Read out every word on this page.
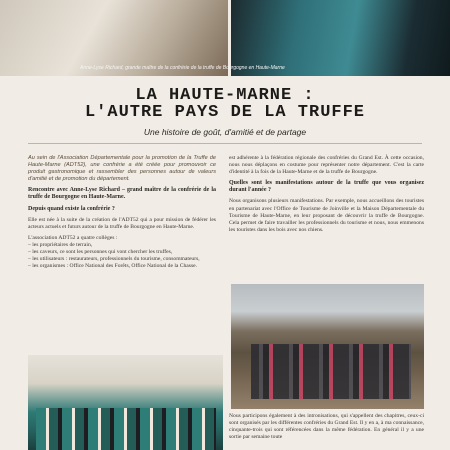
Anne-Lyse Richard, grande maître de la confrérie de la truffe de Bourgogne en Haute-Marne
LA HAUTE-MARNE :
L'AUTRE PAYS DE LA TRUFFE
Une histoire de goût, d'amitié et de partage

Au sein de l'Association Départementale pour la promotion de la Truffe de Haute-Marne (ADT52), une confrérie a été créée pour promouvoir ce produit gastronomique et rassembler des personnes autour de valeurs d'amitié et de promotion du département.

Rencontre avec Anne-Lyse Richard – grand maître de la confrérie de la truffe de Bourgogne en Haute-Marne.

Depuis quand existe la confrérie ?

Elle est née à la suite de la création de l'ADT52 qui a pour mission de fédérer les acteurs actuels et futurs autour de la truffe de Bourgogne en Haute-Marne.

L'association ADT52 a quatre collèges :

– les propriétaires de terrain,
– les caveurs, ce sont les personnes qui vont chercher les truffes,
– les utilisateurs : restaurateurs, professionnels du tourisme, consommateurs,
– les organismes : Office National des Forêts, Office National de la Chasse.

est adhérente à la fédération régionale des confréries du Grand Est. À cette occasion, nous nous déplaçons en costume pour représenter notre département. C'est la carte d'identité à la fois de la Haute-Marne et de la truffe de Bourgogne.

Quelles sont les manifestations autour de la truffe que vous organisez durant l'année ?

Nous organisons plusieurs manifestations. Par exemple, nous accueillons des touristes en partenariat avec l'Office de Tourisme de Joinville et la Maison Départementale du Tourisme de Haute-Marne, en leur proposant de découvrir la truffe de Bourgogne. Cela permet de faire travailler les professionnels du tourisme et nous, nous emmenons les touristes dans les bois avec nos chiens.

Nous participons également à des intronisations, qui s'appellent des chapitres, ceux-ci sont organisés par les différentes confréries du Grand Est. Il y en a, à ma connaissance, cinquante-trois qui sont référencées dans la même fédération. En général il y a une sortie par semaine toute
